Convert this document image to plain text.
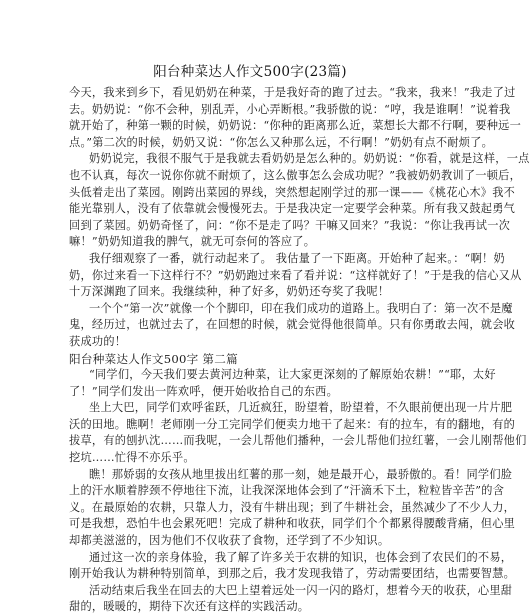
阳台种菜达人作文500字(23篇)
今天，我来到乡下，看见奶奶在种菜，于是我好奇的跑了过去。“我来，我来！”我走了过
去。奶奶说：“你不会种，别乱弄，小心弄断根。”我骄傲的说：“哼，我是谁啊！”说着我
就开始了，种第一颗的时候，奶奶说：“你种的距离那么近，菜想长大都不行啊，要种远一
点。”第二次的时候，奶奶又说：“你怎么又种那么远，不行啊！”奶奶有点不耐烦了。
奶奶说完，我很不服气于是我就去看奶奶是怎么种的。奶奶说：“你看，就是这样，一点
也不认真，每次一说你你就不耐烦了，这么傲事怎么会成功呢？”我被奶奶教训了一顿后，
头低着走出了菜园。刚跨出菜园的界线，突然想起刚学过的那一课——《桃花心木》我不
能光靠别人，没有了依靠就会慢慢死去。于是我决定一定要学会种菜。所有我又鼓起勇气
回到了菜园。奶奶奇怪了，问：“你不是走了吗？干嘛又回来？”我说：“你让我再试一次
嘛！”奶奶知道我的脾气，就无可奈何的答应了。
我仔细观察了一番，就行动起来了。 我估量了一下距离。开始种了起来。：“啊！奶
奶，你过来看一下这样行不？”奶奶跑过来看了看并说：“这样就好了！”于是我的信心又从
十万深渊跑了回来。我继续种，种了好多，奶奶还夸奖了我呢！
一个个“第一次”就像一个个脚印，印在我们成功的道路上。我明白了：第一次不是魔
鬼，经历过，也就过去了，在回想的时候，就会觉得他很简单。只有你勇敢去闯，就会收
获成功的！
阳台种菜达人作文500字 第二篇
“同学们，今天我们要去黄河边种菜，让大家更深刻的了解原始农耕！”“耶，太好
了！”同学们发出一阵欢呼，便开始收拾自己的东西。
坐上大巴，同学们欢呼雀跃，几近疯狂，盼望着，盼望着，不久眼前便出现一片片肥
沃的田地。瞧啊！老师刚一分工完同学们便卖力地干了起来：有的拉车，有的翻地，有的
拔草，有的刨扒沈……而我呢，一会儿帮他们播种，一会儿帮他们拉红薯，一会儿刚帮他们
挖坑……忙得不亦乐乎。
瞧！那娇弱的女孩从地里拔出红薯的那一刻，她是最开心，最骄傲的。看！同学们脸
上的汗水顺着脖颈不停地往下流，让我深深地体会到了“汗滴禾下土，粒粒皆辛苦”的含
义。在最原始的农耕，只靠人力，没有牛耕出现；到了牛耕社会，虽然减少了不少人力，
可是我想，恐怕牛也会累死吧！完成了耕种和收获，同学们个个都累得腰酸背痛，但心里
却都美滋滋的，因为他们不仅收获了食物，还学到了不少知识。
通过这一次的亲身体验，我了解了许多关于农耕的知识，也体会到了农民们的不易，
刚开始我认为耕种特别简单，到那之后，我才发现我错了，劳动需要团结，也需要智慧。
活动结束后我坐在回去的大巴上望着远处一闪一闪的路灯，想着今天的收获，心里甜
甜的，暖暖的，期待下次还有这样的实践活动。
